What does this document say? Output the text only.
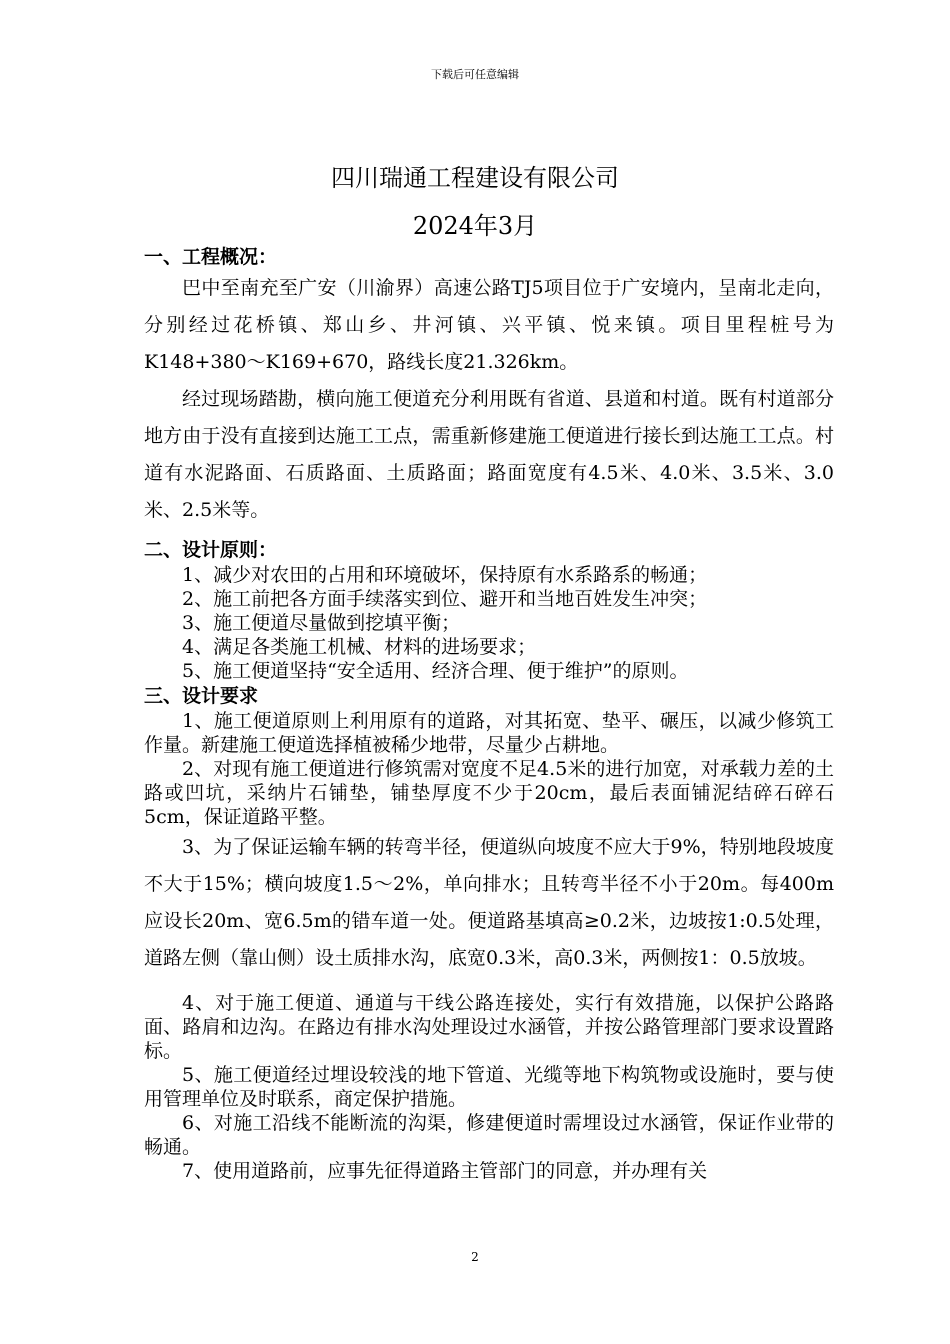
下载后可任意编辑
四川瑞通工程建设有限公司
2024年3月

一、工程概况：

巴中至南充至广安（川渝界）高速公路TJ5项目位于广安境内，呈南北走向，分别经过花桥镇、郑山乡、井河镇、兴平镇、悦来镇。项目里程桩号为K148+380～K169+670，路线长度21.326km。

经过现场踏勘，横向施工便道充分利用既有省道、县道和村道。既有村道部分地方由于没有直接到达施工工点，需重新修建施工便道进行接长到达施工工点。村道有水泥路面、石质路面、土质路面；路面宽度有4.5米、4.0米、3.5米、3.0米、2.5米等。

二、设计原则：

1、减少对农田的占用和环境破坏，保持原有水系路系的畅通；

2、施工前把各方面手续落实到位、避开和当地百姓发生冲突；

3、施工便道尽量做到挖填平衡；

4、满足各类施工机械、材料的进场要求；

5、施工便道坚持“安全适用、经济合理、便于维护”的原则。

三、设计要求

1、施工便道原则上利用原有的道路，对其拓宽、垫平、碾压，以减少修筑工作量。新建施工便道选择植被稀少地带，尽量少占耕地。

2、对现有施工便道进行修筑需对宽度不足4.5米的进行加宽，对承载力差的土路或凹坑，采纳片石铺垫，铺垫厚度不少于20cm，最后表面铺泥结碎石碎石5cm，保证道路平整。

3、为了保证运输车辆的转弯半径，便道纵向坡度不应大于9%，特别地段坡度不大于15%；横向坡度1.5～2%，单向排水；且转弯半径不小于20m。每400m应设长20m、宽6.5m的错车道一处。便道路基填高≥0.2米，边坡按1:0.5处理，道路左侧（靠山侧）设土质排水沟，底宽0.3米，高0.3米，两侧按1：0.5放坡。

4、对于施工便道、通道与干线公路连接处，实行有效措施，以保护公路路面、路肩和边沟。在路边有排水沟处理设过水涵管，并按公路管理部门要求设置路标。

5、施工便道经过埋设较浅的地下管道、光缆等地下构筑物或设施时，要与使用管理单位及时联系，商定保护措施。

6、对施工沿线不能断流的沟渠，修建便道时需埋设过水涵管，保证作业带的畅通。

7、使用道路前，应事先征得道路主管部门的同意，并办理有关

2
